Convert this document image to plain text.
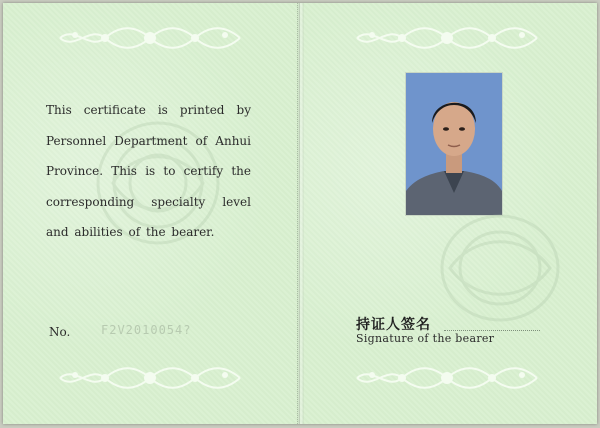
This certificate is printed by Personnel Department of Anhui Province. This is to certify the corresponding specialty level and abilities of the bearer.
No.	F2V2010054?	持证人签名
Signature of the bearer
